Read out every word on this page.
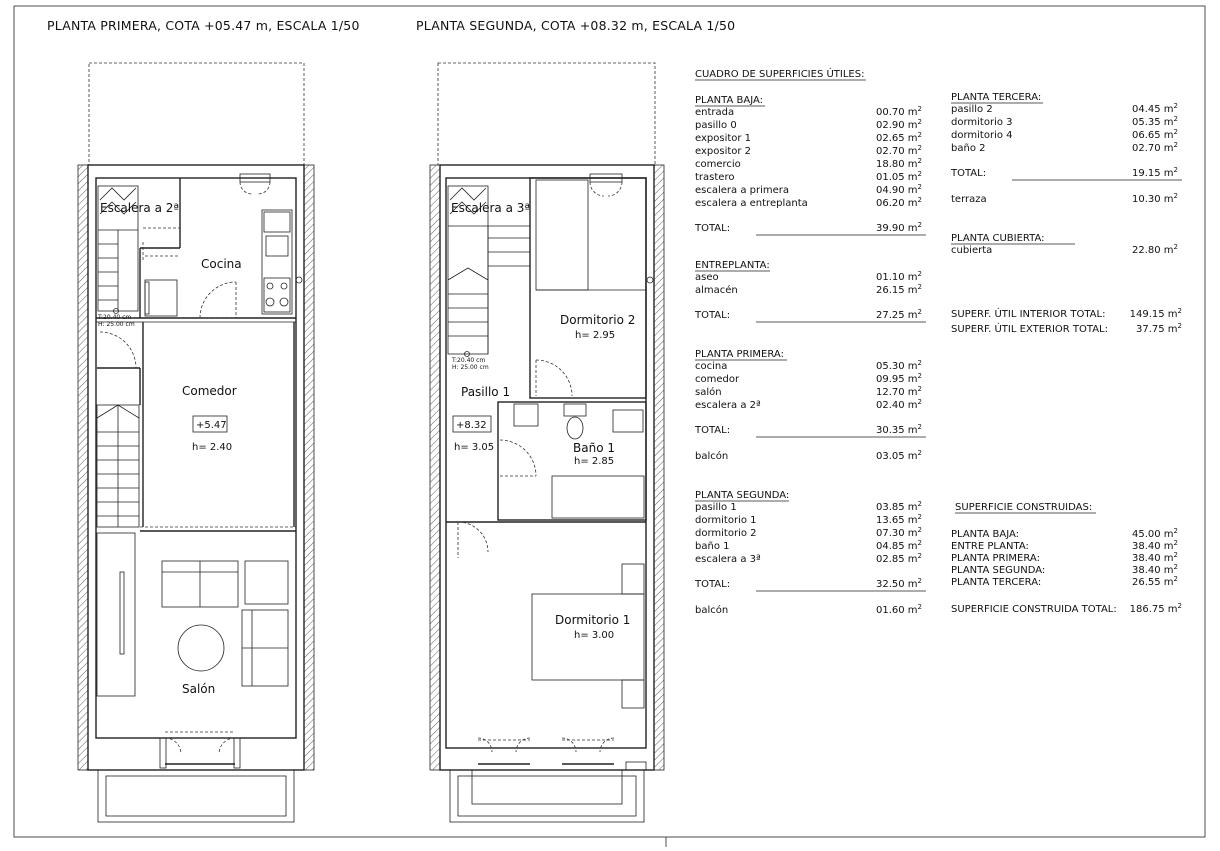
PLANTA PRIMERA, COTA +05.47 m, ESCALA 1/50	PLANTA SEGUNDA, COTA +08.32 m, ESCALA 1/50
Escalera a 2ª
Cocina
Comedor
+5.47
h= 2.40
Salón
T:20.40 cm
H: 25.00 cm
Escalera a 3ª
Dormitorio 2
h= 2.95
Pasillo 1
+8.32
h= 3.05	Baño 1
h= 2.85
Dormitorio 1
h= 3.00
T:20.40 cm
H: 25.00 cm
CUADRO DE SUPERFICIES ÚTILES:
PLANTA BAJA:
entrada	00.70 $m^2$
pasillo 0	02.90 $m^2$
expositor 1	02.65 $m^2$
expositor 2	02.70 $m^2$
comercio	18.80 $m^2$
trastero	01.05 $m^2$
escalera a primera	04.90 $m^2$
escalera a entreplanta	06.20 $m^2$
TOTAL:	39.90 $m^2$
ENTREPLANTA:
aseo	01.10 $m^2$
almacén	26.15 $m^2$
TOTAL:	27.25 $m^2$
PLANTA PRIMERA:
cocina	05.30 $m^2$
comedor	09.95 $m^2$
salón	12.70 $m^2$
escalera a 2ª	02.40 $m^2$
TOTAL:	30.35 $m^2$
balcón	03.05 $m^2$
PLANTA SEGUNDA:
pasillo 1	03.85 $m^2$
dormitorio 1	13.65 $m^2$
dormitorio 2	07.30 $m^2$
baño 1	04.85 $m^2$
escalera a 3ª	02.85 $m^2$
TOTAL:	32.50 $m^2$
balcón	01.60 $m^2$
PLANTA TERCERA:
pasillo 2	04.45 $m^2$
dormitorio 3	05.35 $m^2$
dormitorio 4	06.65 $m^2$
baño 2	02.70 $m^2$
TOTAL:	19.15 $m^2$
terraza	10.30 $m^2$
PLANTA CUBIERTA:
cubierta	22.80 $m^2$
SUPERF. ÚTIL INTERIOR TOTAL: 149.15 $m^2$
SUPERF. ÚTIL EXTERIOR TOTAL:	37.75 $m^2$
SUPERFICIE CONSTRUIDAS:
PLANTA BAJA:	45.00 $m^2$
ENTRE PLANTA:	38.40 $m^2$
PLANTA PRIMERA:	38.40 $m^2$
PLANTA SEGUNDA:	38.40 $m^2$
PLANTA TERCERA:	26.55 $m^2$
SUPERFICIE CONSTRUIDA TOTAL: 186.75 $m^2$
